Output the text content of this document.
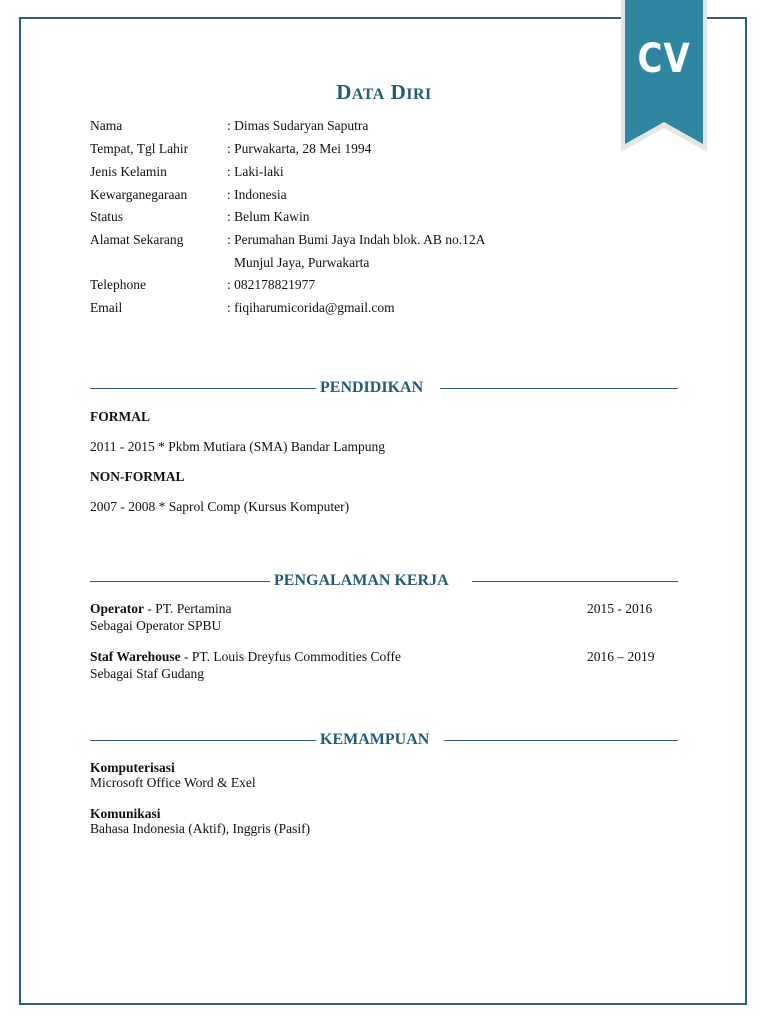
CV
DATA DIRI
Nama	: Dimas Sudaryan Saputra
Tempat, Tgl Lahir	: Purwakarta, 28 Mei 1994
Jenis Kelamin	: Laki-laki
Kewarganegaraan	: Indonesia
Status	: Belum Kawin
Alamat Sekarang	: Perumahan Bumi Jaya Indah blok. AB no.12A
Munjul Jaya, Purwakarta
Telephone	: 082178821977
Email	: fiqiharumicorida@gmail.com
PENDIDIKAN
FORMAL
2011 - 2015 * Pkbm Mutiara (SMA) Bandar Lampung
NON-FORMAL
2007 - 2008 * Saprol Comp (Kursus Komputer)
PENGALAMAN KERJA
Operator - PT. Pertamina	2015 - 2016
Sebagai Operator SPBU
Staf Warehouse - PT. Louis Dreyfus Commodities Coffe	2016 – 2019
Sebagai Staf Gudang
KEMAMPUAN
Komputerisasi
Microsoft Office Word & Exel
Komunikasi
Bahasa Indonesia (Aktif), Inggris (Pasif)
